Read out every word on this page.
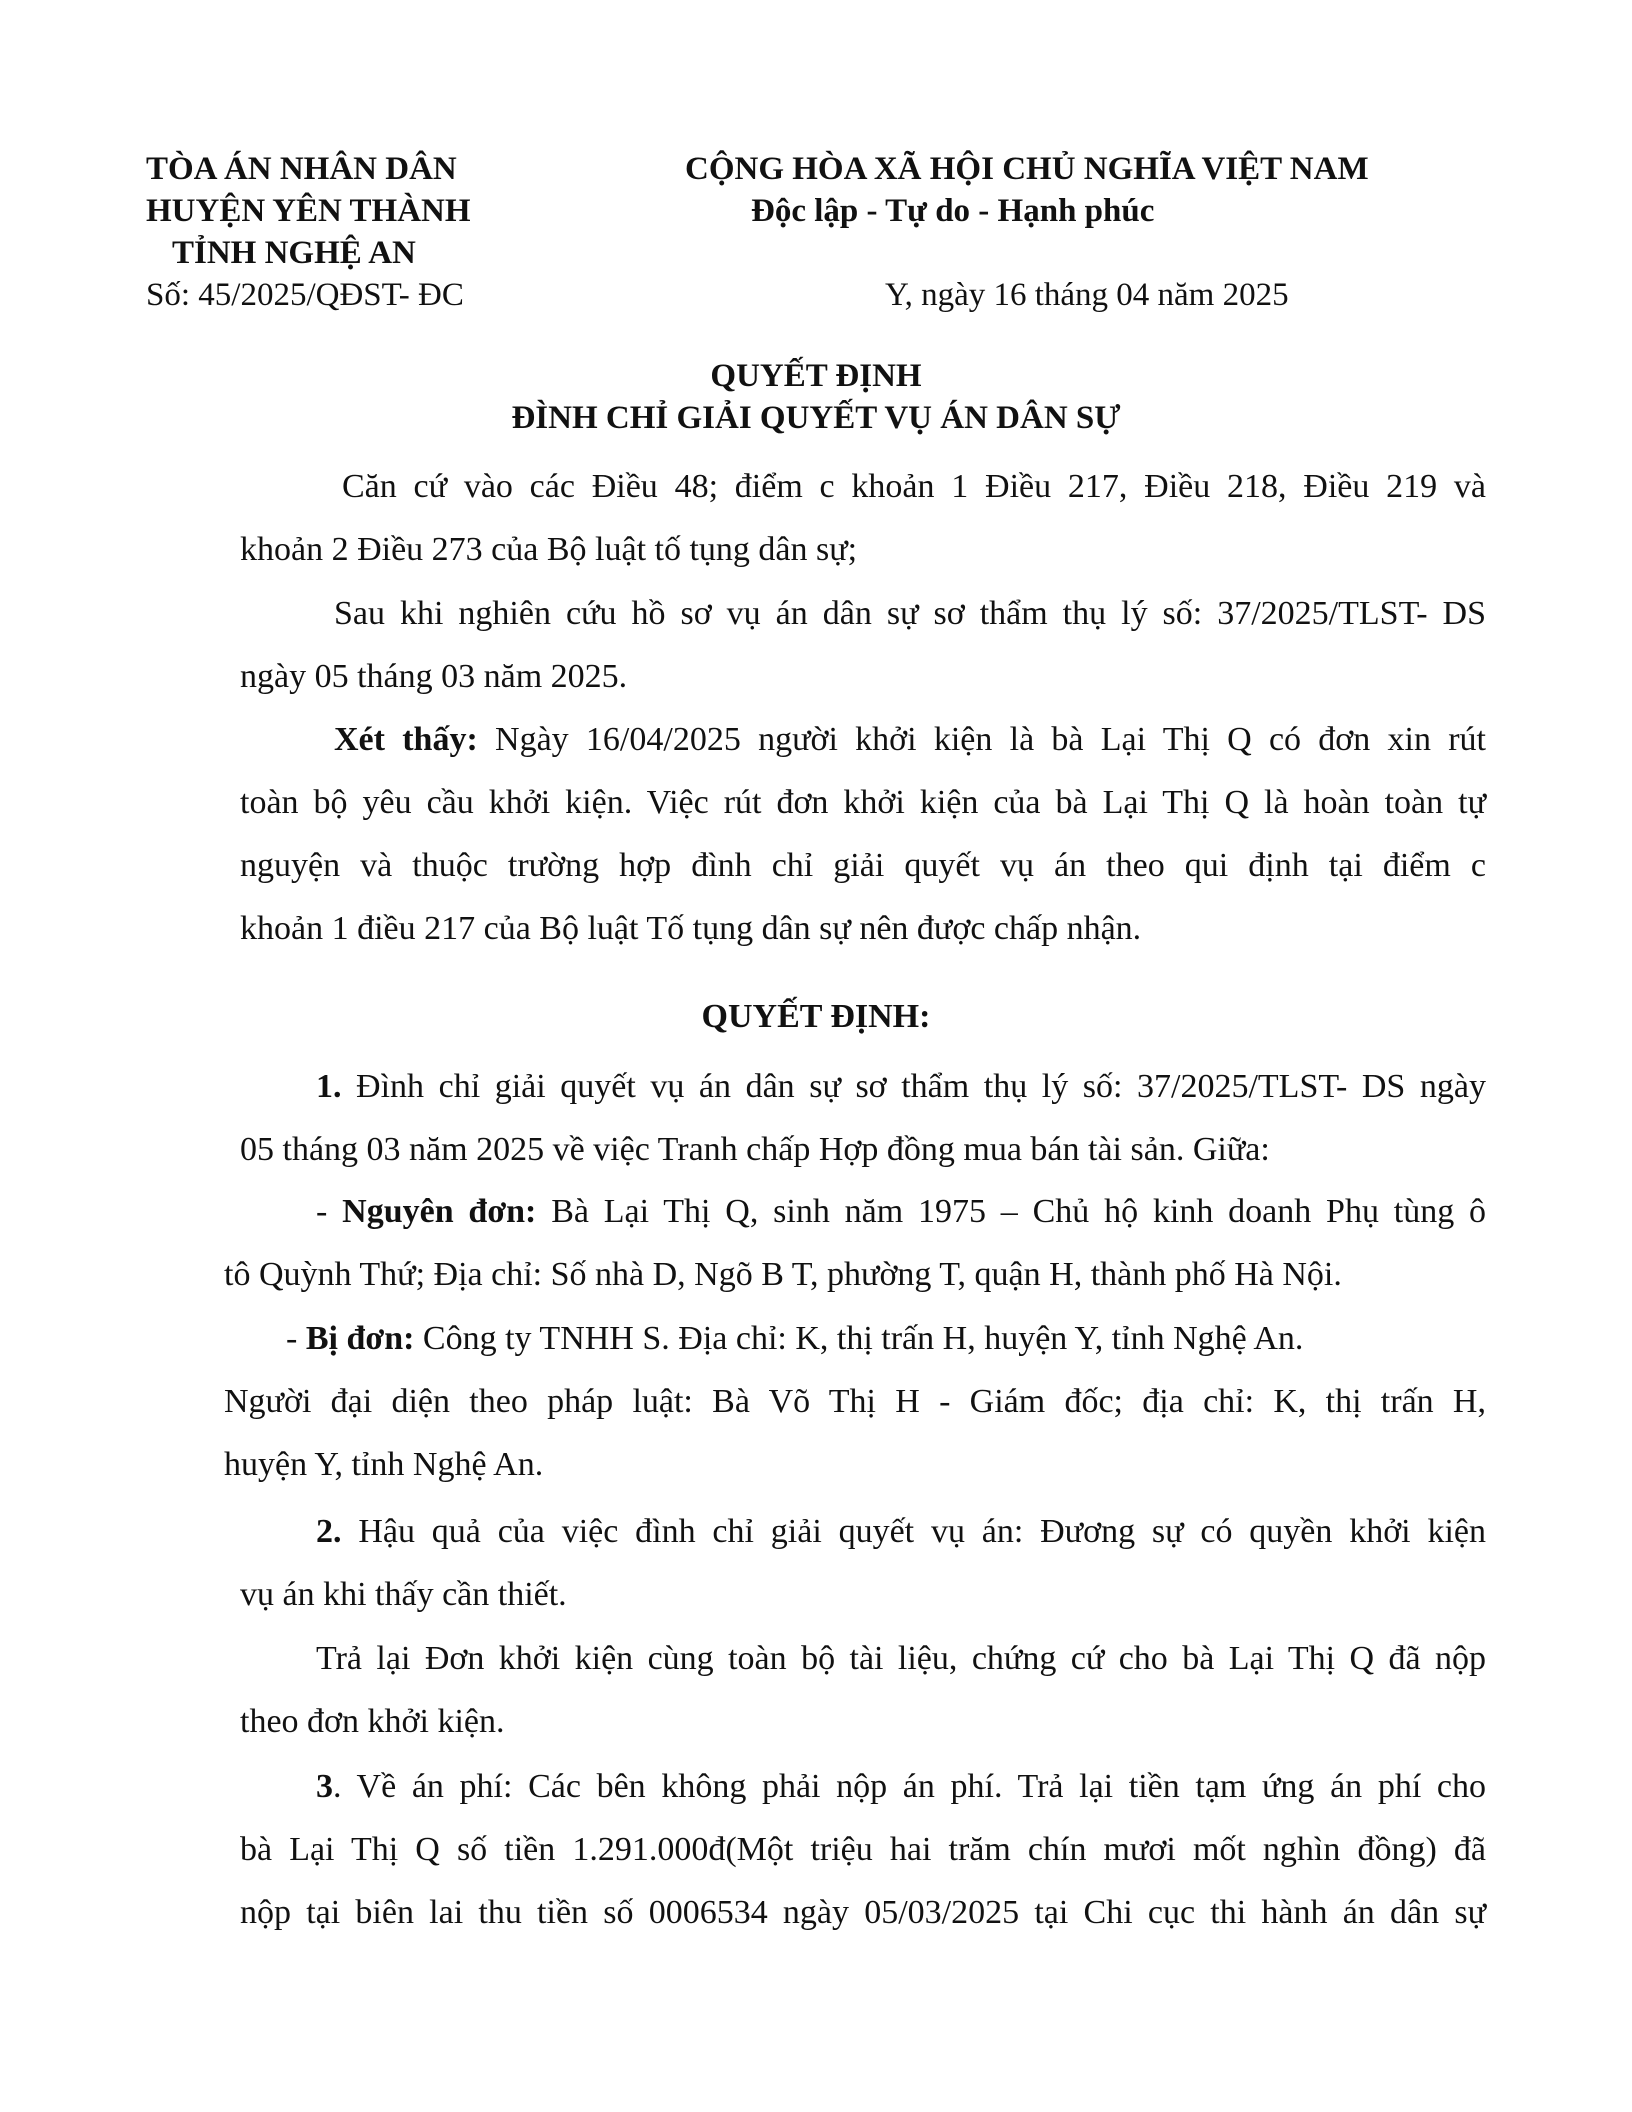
TÒA ÁN NHÂN DÂN
HUYỆN YÊN THÀNH
TỈNH NGHỆ AN
CỘNG HÒA XÃ HỘI CHỦ NGHĨA VIỆT NAM
Độc lập - Tự do - Hạnh phúc
Số: 45/2025/QĐST- ĐC	Y, ngày 16 tháng 04 năm 2025
QUYẾT ĐỊNH
ĐÌNH CHỈ GIẢI QUYẾT VỤ ÁN DÂN SỰ
Căn cứ vào các Điều 48; điểm c khoản 1 Điều 217, Điều 218, Điều 219 và
khoản 2 Điều 273 của Bộ luật tố tụng dân sự;
Sau khi nghiên cứu hồ sơ vụ án dân sự sơ thẩm thụ lý số: 37/2025/TLST- DS
ngày 05 tháng 03 năm 2025.
Xét thấy: Ngày 16/04/2025 người khởi kiện là bà Lại Thị Q có đơn xin rút
toàn bộ yêu cầu khởi kiện. Việc rút đơn khởi kiện của bà Lại Thị Q là hoàn toàn tự
nguyện và thuộc trường hợp đình chỉ giải quyết vụ án theo qui định tại điểm c
khoản 1 điều 217 của Bộ luật Tố tụng dân sự nên được chấp nhận.
QUYẾT ĐỊNH:
1. Đình chỉ giải quyết vụ án dân sự sơ thẩm thụ lý số: 37/2025/TLST- DS ngày
05 tháng 03 năm 2025 về việc Tranh chấp Hợp đồng mua bán tài sản. Giữa:
- Nguyên đơn: Bà Lại Thị Q, sinh năm 1975 – Chủ hộ kinh doanh Phụ tùng ô
tô Quỳnh Thứ; Địa chỉ: Số nhà D, Ngõ B T, phường T, quận H, thành phố Hà Nội.
- Bị đơn: Công ty TNHH S. Địa chỉ: K, thị trấn H, huyện Y, tỉnh Nghệ An.
Người đại diện theo pháp luật: Bà Võ Thị H - Giám đốc; địa chỉ: K, thị trấn H,
huyện Y, tỉnh Nghệ An.
2. Hậu quả của việc đình chỉ giải quyết vụ án: Đương sự có quyền khởi kiện
vụ án khi thấy cần thiết.
Trả lại Đơn khởi kiện cùng toàn bộ tài liệu, chứng cứ cho bà Lại Thị Q đã nộp
theo đơn khởi kiện.
3. Về án phí: Các bên không phải nộp án phí. Trả lại tiền tạm ứng án phí cho
bà Lại Thị Q số tiền 1.291.000đ(Một triệu hai trăm chín mươi mốt nghìn đồng) đã
nộp tại biên lai thu tiền số 0006534 ngày 05/03/2025 tại Chi cục thi hành án dân sự
